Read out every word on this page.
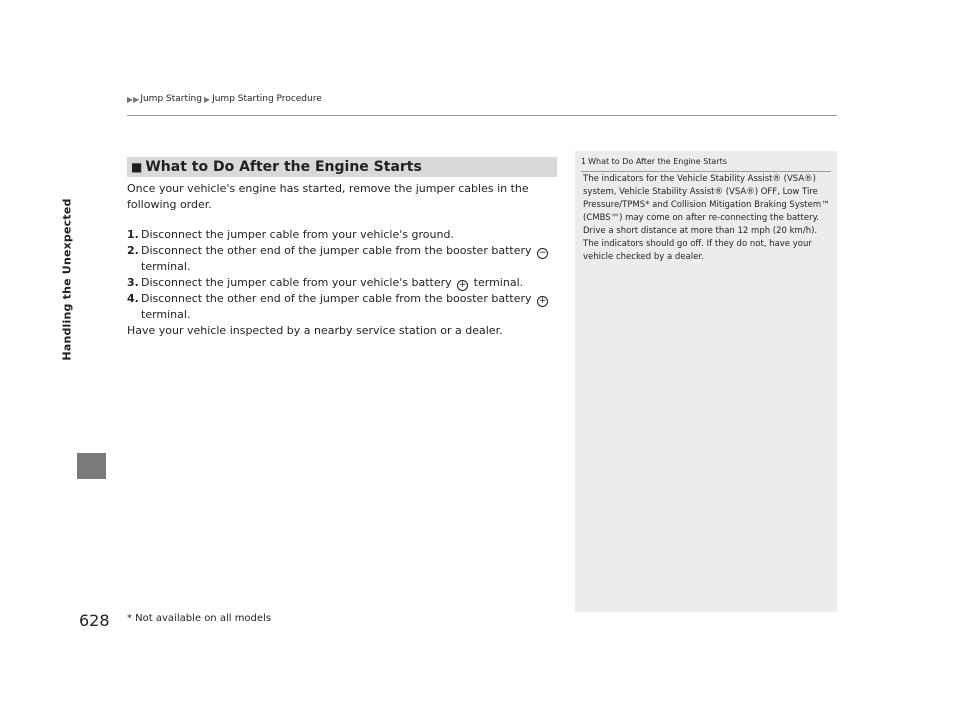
▶▶ Jump Starting ▶ Jump Starting Procedure
Handling the Unexpected
628
■ What to Do After the Engine Starts

Once your vehicle's engine has started, remove the jumper cables in the following order.

1. Disconnect the jumper cable from your vehicle's ground.
2. Disconnect the other end of the jumper cable from the booster battery −
terminal.
3. Disconnect the jumper cable from your vehicle's battery + terminal.
4. Disconnect the other end of the jumper cable from the booster battery +
terminal.

Have your vehicle inspected by a nearby service station or a dealer.

1 What to Do After the Engine Starts
The indicators for the Vehicle Stability Assist® (VSA®) system, Vehicle Stability Assist® (VSA®) OFF, Low Tire Pressure/TPMS* and Collision Mitigation Braking System™ (CMBS™) may come on after re-connecting the battery. Drive a short distance at more than 12 mph (20 km/h). The indicators should go off. If they do not, have your vehicle checked by a dealer.
* Not available on all models
